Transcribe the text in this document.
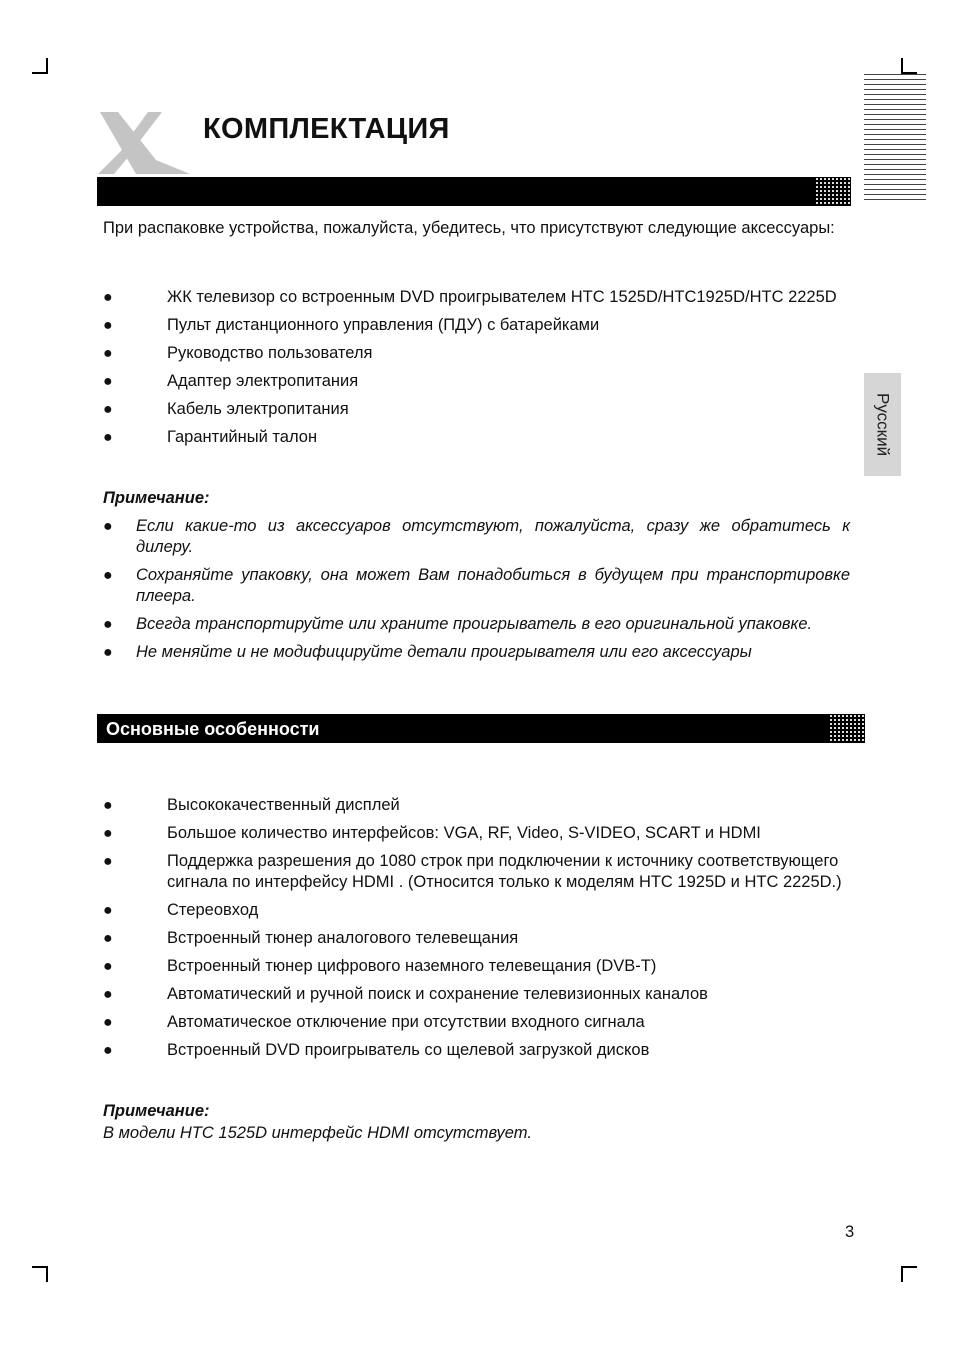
Русский
КОМПЛЕКТАЦИЯ

При распаковке устройства, пожалуйста, убедитесь, что присутствуют следующие аксессуары:

●	ЖК телевизор со встроенным DVD проигрывателем HTC 1525D/HTC1925D/HTC 2225D
●	Пульт дистанционного управления (ПДУ) с батарейками
●	Руководство пользователя
●	Адаптер электропитания
●	Кабель электропитания
●	Гарантийный талон
Примечание:
● Если какие-то из аксессуаров отсутствуют, пожалуйста, сразу же обратитесь к дилеру.
● Сохраняйте упаковку, она может Вам понадобиться в будущем при транспортировке плеера.
● Всегда транспортируйте или храните проигрыватель в его оригинальной упаковке.
● Не меняйте и не модифицируйте детали проигрывателя или его аксессуары
Основные особенности
●	Высококачественный дисплей
●	Большое количество интерфейсов: VGA, RF, Video, S-VIDEO, SCART и HDMI
●	Поддержка разрешения до 1080 строк при подключении к источнику соответствующего сигнала по интерфейсу HDMI . (Относится только к моделям HTC 1925D и HTC 2225D.)
●	Стереовход
●	Встроенный тюнер аналогового телевещания
●	Встроенный тюнер цифрового наземного телевещания (DVB-T)
●	Автоматический и ручной поиск и сохранение телевизионных каналов
●	Автоматическое отключение при отсутствии входного сигнала
●	Встроенный DVD проигрыватель со щелевой загрузкой дисков
Примечание:
В модели HTC 1525D интерфейс HDMI отсутствует.
3
